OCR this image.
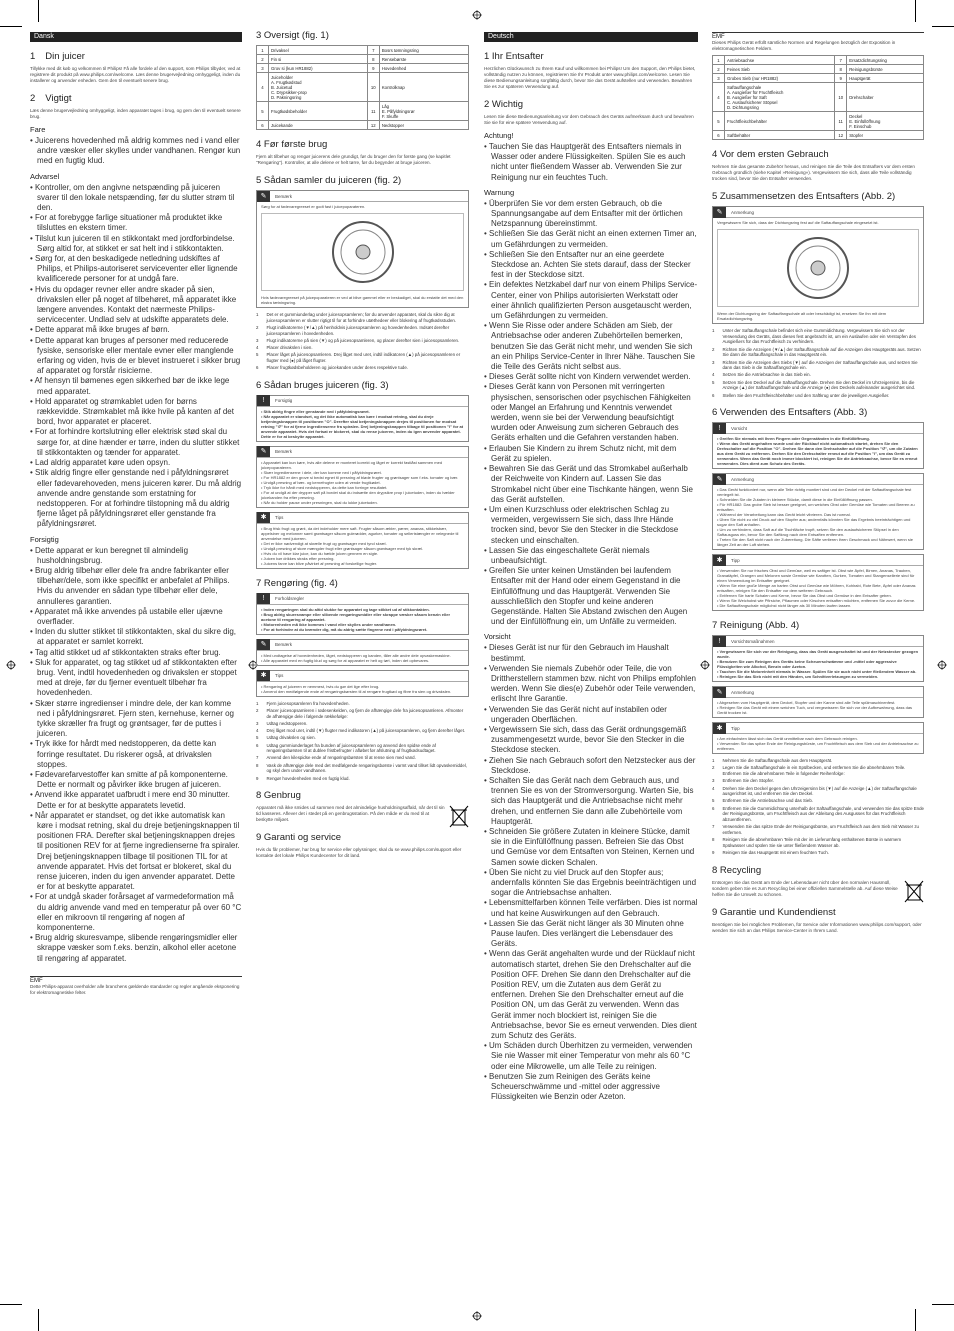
Dansk
1 Din juicer

Tillykke med dit køb og velkommen til Philips! Få alle fordele af den support, som Philips tilbyder, ved at registrere dit produkt på www.philips.com/welcome. Læs denne brugervejledning omhyggeligt, inden du installerer og anvender enheden. Gem den til eventuelt senere brug.

2 Vigtigt

Læs denne brugervejledning omhyggeligt, inden apparatet tages i brug, og gem den til eventuelt senere brug.

Fare
• Juicerens hovedenhed må aldrig kommes ned i vand eller andre væsker eller skylles under vandhanen. Rengør kun med en fugtig klud.
Advarsel
• Kontroller, om den angivne netspænding på juiceren svarer til den lokale netspænding, før du slutter strøm til den.
• For at forebygge farlige situationer må produktet ikke tilsluttes en ekstern timer.
• Tilslut kun juiceren til en stikkontakt med jordforbindelse. Sørg altid for, at stikket er sat helt ind i stikkontakten.
• Sørg for, at den beskadigede netledning udskiftes af Philips, et Philips-autoriseret serviceventer eller lignende kvalificerede personer for at undgå fare.
• Hvis du opdager revner eller andre skader på sien, drivakslen eller på noget af tilbehøret, må apparatet ikke længere anvendes. Kontakt det nærmeste Philips-servicecenter. Undlad selv at udskifte apparatets dele.
• Dette apparat må ikke bruges af børn.
• Dette apparat kan bruges af personer med reducerede fysiske, sensoriske eller mentale evner eller manglende erfaring og viden, hvis de er blevet instrueret i sikker brug af apparatet og forstår risicierne.
• Af hensyn til bømenes egen sikkerhed bør de ikke lege med apparatet.
• Hold apparatet og strømkablet uden for børns rækkevidde. Strømkablet må ikke hvile på kanten af det bord, hvor apparatet er placeret.
• For at forhindre kortslutning eller elektrisk stød skal du sørge for, at dine hænder er tørre, inden du slutter stikket til stikkontakten og tænder for apparatet.
• Lad aldrig apparatet køre uden opsyn.
• Stik aldrig fingre eller genstande ned i påfyldningsrøret eller fødevarehoveden, mens juiceren kører. Du må aldrig anvende andre genstande som erstatning for nedstopperen. For at forhindre tilstopning må du aldrig fjerne låget på påfyldningsrøret eller genstande fra påfyldningsrøret.
Forsigtig
• Dette apparat er kun beregnet til almindelig husholdningsbrug.
• Brug aldrig tilbehør eller dele fra andre fabrikanter eller tilbehør/dele, som ikke specifikt er anbefalet af Philips. Hvis du anvender en sådan type tilbehør eller dele, annulleres garantien.
• Apparatet må ikke anvendes på ustabile eller ujævne overflader.
• Inden du slutter stikket til stikkontakten, skal du sikre dig, at apparatet er samlet korrekt.
• Tag altid stikket ud af stikkontakten straks efter brug.
• Sluk for apparatet, og tag stikket ud af stikkontakten efter brug. Vent, indtil hovedenheden og drivakslen er stoppet med at dreje, før du fjerner eventuelt tilbehør fra hovedenheden.
• Skær større ingredienser i mindre dele, der kan komme ned i påfyldningsrøret. Fjern sten, kernehuse, kerner og tykke skræller fra frugt og grøntsager, før de puttes i juiceren.
• Tryk ikke for hårdt med nedstopperen, da dette kan forringe resultatet. Du riskerer også, at drivakslen stoppes.
• Fødevarefarvestoffer kan smitte af på komponenterne. Dette er normalt og påvirker ikke brugen af juiceren.
• Anvend ikke apparatet uafbrudt i mere end 30 minutter. Dette er for at beskytte apparatets levetid.
• Når apparatet er standset, og det ikke automatisk kan køre i modsat retning, skal du dreje betjeningsknappen til positionen FRA. Derefter skal betjeningsknappen drejes til positionen REV for at fjerne ingredienserne fra spiraler. Drej betjeningsknappen tilbage til positionen TIL for at anvende apparatet. Hvis det fortsat er blokeret, skal du rense juiceren, inden du igen anvender apparatet. Dette er for at beskytte apparatet.
• For at undgå skader forårsaget af varmedeformation må du aldrig anvende vand med en temperatur på over 60 °C eller en mikroovn til rengøring af nogen af komponenterne.
• Brug aldrig skuresvampe, slibende rengøringsmidler eller skrappe væsker som f.eks. benzin, alkohol eller acetone til rengøring af apparatet.
EMF

Dette Philips-apparat overholder alle branchens gældende standarder og regler angående eksponering for elektromagnetiske felter.

3 Oversigt (fig. 1)
1	Drivaksel	7	Bosrs tømningsring
2	Fin si	8	Rensebørste
3	Grov si (kun HR1882)	9	Hovedenhed
4	Juiceholder
A. Frugtkødstud
B. Juicetud
C. Drypsikker-prop
D. Pakningsring	10	Kontrolknap
5	Frugtkødsbeholder	11	Låg
E. Påfyldningsrør
F. Skuffe
6	Juicekande	12	Nedstopper
4 Før første brug

Fjern alt tilbehør og rengør juicerens dele grundigt, før du bruger den for første gang (se kapitlet "Rengøring"). Kontroller, at alle delene er helt tørre, før du begynder at bruge juiceren.

5 Sådan samler du juiceren (fig. 2)
✎	Bemærk
Sørg for at fødevaregreeset er godt fast i juicepoparateren.
Hvis fødevaregreeset på juicepoparateren er ved at blive gammel eller er beskadiget, skal du erstatte det med den ekstra tætningsring.
1 Det er et gummiunderlag under juicesopsamleren; før du anvender apparatet, skal du sikre dig at juicesopsamleren er slutter rigtigt til for at forhindre utæthedeer eller blokering af frugtkødsstuden.
2 Flugt indikatorerne (▼/▲) på henholdvis juicesopsamleren og hovedenheden. Indsæt derefter juicesopsamleren i hovedenheden.
3 Flugt indikatorerne på sien (▼) og på juicesopsamleren, og placer derefter sien i juicesopsamleren.
4 Placer drivakslen i sien.
5 Placer låget på juicesopsamleren. Drej låget med uret, indtil indikatoren (▲) på juicesopsamleren er flugter med (●) på låget flugter.
6 Placer frugtkødsbeholderen og juicekanden under deres respektive tude.
6 Sådan bruges juiceren (fig. 3)
!	Forsigtig
• Stik aldrig fingre eller genstande ned i påfyldningsrøret.
• Når apparatet er standset, og det ikke automatisk kan køre i modsat retning, skal du dreje betjeningsknappen til positionen "O". Derefter skal betjeningsknappen drejes til positionen for modsat retning "↺" for at fjerne ingredienserne fra spiralen. Drej betjeningsknappen tilbage til positionen "I" for at anvende apparatet. Hvis det fortsat er blokeret, skal du rense juiceren, inden du igen anvender apparatet. Dette er for at beskytte apparatet.
✎	Bemærk
• Apparatet kan kun køre, hvis alle delene er monteret korrekt og låget er korrekt fastlåst sammen med juicepoparateren.
• Skær ingredienserne i dele, der kan komme ned i påfyldningsrøret.
• For HR1882 er den grove si bedst egnet til presning af bløde frugter og grøntsager som f.eks. tomater og bær.
• Undgå presning af bær- og kernefrugter uden at vende frugtkødet.
• Tryk ikke for hårdt med nedstopperen, da dette kan forringe resultatet.
• For at undgå at der drypper saft på bordet skal du indsætte den drypsikre prop i juicetuden, inden du hælder juicekanden fra efter presning.
• Når du holder pause under presningen, skal du lukke juicetuden.
✱	Tips
• Brug frisk frugt og grønt, da det indeholder mere saft. Frugter såsom æbler, pærer, ananas, stikkelsbær, appelsiner og melonner samt grøntsager såsom gulerødder, agurker, tomater og selleristængler er velegnede til anvendelse med juiceren.
• Det er ikke nødvendigt at skrælle frugt og grøntsager med tynd skræl.
• Undgå presning af store mængder frugt eller grøntsager såsom grøntsager med tyk skræl.
• Hvis du vil have klar juice, kan du hælde juicen gennem en sigte.
• Juicen bør drikkes straks efter presning.
• Juicens farve kan blive påvirket af presning af forskellige frugter.
7 Rengøring (fig. 4)
!	Forholdsregler
• Inden rengøringen skal du altid slukke for apparatet og tage stikket ud af stikkontakten.
• Brug aldrig skuresvampe eller slibende rengøringsmidler eller skrappe væsker såsom benzin eller acetone til rengøring af apparatet.
• Motorenheden må ikke kommes i vand eller skylles under vandhanen.
• For at forhindre at du brænder dig, må du aldrig sætte fingrene ned i påfyldningsrøret.
✎	Bemærk
• Med undtagelse af hovedenheden, låget, nedstopperen og kanden, tåler alle andre dele opvaskemaskine.
• Alle apparatet med en fugtig klud og sørg for at apparatet er helt og tørt, inden det opbevares.
✱	Tips
• Rengøring af juiceren er nemmest, hvis du gør det lige efter brug.
• Anvend den medfølgende ende af rengøringsbørsten til at rengøre frugtkød og fibre fra sien og drivakslen.
1 Fjern juicesopsamleren fra hovedenheden.
2 Placer juicesopsamleren i rødesenkelden, og fjern de afhængige dele fra juicesopsamleren. Afmonter de afhængige dele i følgende rækkefølge:
3 Udtag nedstopperen.
4 Drej låget mod uret, indtil (▼) flugter med indikatoren (▲) på juicesopsamleren, og fjern derefter låget.
5 Udtag drivakslen og sien.
6 Udtag gummiunderlaget fra bunden af juicesopsamleren og anvend den spidse ende af rengøringsbørsten til at dublee fristbefrugter i afløbet før afslutning af frugtkødsudtaget.
7 Anvend den kilespidse ende af rengøringsbørsten til at rense sien med vand.
8 Vask de afhængige dele med det medfølgende rengøringsbørste i varmt vand tillset lidt opvaskemiddel, og skyl dem under vandhanen.
9 Rengør hovedenheden med en fugtig klud.
8 Genbrug

Apparatet må ikke smides ud sammen med det almindelige husholdningsaffald, når det til sin tid kasseres. Aflever det i stedet på en genbrugsstation. På den måde er du med til at beskytte miljøet.

9 Garanti og service

Hvis du får problemer, har brug for service eller oplysninger, skal du se www.philips.com/support eller kontakte det lokale Philips Kundecenter for dit land.

Deutsch
1 Ihr Entsafter

Herzlichen Glückwunsch zu Ihrem Kauf und willkommen bei Philips! Um den Support, den Philips bietet, vollständig nutzen zu können, registrieren Sie Ihr Produkt unter www.philips.com/welcome. Lesen Sie diese Bedienungsanleitung sorgfältig durch, bevor Sie das Gerät aufstellen und verwenden. Bewahren Sie es zur späteren Verwendung auf.

2 Wichtig

Lesen Sie diese Bedienungsanleitung vor dem Gebrauch des Geräts aufmerksam durch und bewahren Sie sie für eine spätere Verwendung auf.

Achtung!
• Tauchen Sie das Hauptgerät des Entsafters niemals in Wasser oder andere Flüssigkeiten. Spülen Sie es auch nicht unter fließendem Wasser ab. Verwenden Sie zur Reinigung nur ein feuchtes Tuch.
Warnung
• Überprüfen Sie vor dem ersten Gebrauch, ob die Spannungsangabe auf dem Entsafter mit der örtlichen Netzspannung übereinstimmt.
• Schließen Sie das Gerät nicht an einen externen Timer an, um Gefährdungen zu vermeiden.
• Schließen Sie den Entsafter nur an eine geerdete Steckdose an. Achten Sie stets darauf, dass der Stecker fest in der Steckdose sitzt.
• Ein defektes Netzkabel darf nur von einem Philips Service-Center, einer von Philips autorisierten Werkstatt oder einer ähnlich qualifizierten Person ausgetauscht werden, um Gefährdungen zu vermeiden.
• Wenn Sie Risse oder andere Schäden am Sieb, der Antriebsachse oder anderen Zubehörteilen bemerken, benutzen Sie das Gerät nicht mehr, und wenden Sie sich an ein Philips Service-Center in Ihrer Nähe. Tauschen Sie die Teile des Geräts nicht selbst aus.
• Dieses Gerät sollte nicht von Kindern verwendet werden.
• Dieses Gerät kann von Personen mit verringerten physischen, sensorischen oder psychischen Fähigkeiten oder Mangel an Erfahrung und Kenntnis verwendet werden, wenn sie bei der Verwendung beaufsichtigt wurden oder Anweisung zum sicheren Gebrauch des Geräts erhalten und die Gefahren verstanden haben.
• Erlauben Sie Kindern zu ihrem Schutz nicht, mit dem Gerät zu spielen.
• Bewahren Sie das Gerät und das Stromkabel außerhalb der Reichweite von Kindern auf. Lassen Sie das Stromkabel nicht über eine Tischkante hängen, wenn Sie das Gerät aufstellen.
• Um einen Kurzschluss oder elektrischen Schlag zu vermeiden, vergewissern Sie sich, dass Ihre Hände trocken sind, bevor Sie den Stecker in die Steckdose stecken und einschalten.
• Lassen Sie das eingeschaltete Gerät niemals unbeaufsichtigt.
• Greifen Sie unter keinen Umständen bei laufendem Entsafter mit der Hand oder einem Gegenstand in die Einfüllöffnung und das Hauptgerät. Verwenden Sie ausschließlich den Stopfer und keine anderen Gegenstände. Halten Sie Abstand zwischen den Augen und der Einfüllöffnung ein, um Unfälle zu vermeiden.
Vorsicht
• Dieses Gerät ist nur für den Gebrauch im Haushalt bestimmt.
• Verwenden Sie niemals Zubehör oder Teile, die von Drittherstellern stammen bzw. nicht von Philips empfohlen werden. Wenn Sie dies(e) Zubehör oder Teile verwenden, erlischt Ihre Garantie.
• Verwenden Sie das Gerät nicht auf instabilen oder ungeraden Oberflächen.
• Vergewissern Sie sich, dass das Gerät ordnungsgemäß zusammengesetzt wurde, bevor Sie den Stecker in die Steckdose stecken.
• Ziehen Sie nach Gebrauch sofort den Netzstecker aus der Steckdose.
• Schalten Sie das Gerät nach dem Gebrauch aus, und trennen Sie es von der Stromversorgung. Warten Sie, bis sich das Hauptgerät und die Antriebsachse nicht mehr drehen, und entfernen Sie dann alle Zubehörteile vom Hauptgerät.
• Schneiden Sie größere Zutaten in kleinere Stücke, damit sie in die Einfüllöffnung passen. Befreien Sie das Obst und Gemüse vor dem Entsaften von Steinen, Kernen und Samen sowie dicken Schalen.
• Üben Sie nicht zu viel Druck auf den Stopfer aus; andernfalls könnten Sie das Ergebnis beeinträchtigen und sogar die Antriebsachse anhalten.
• Lebensmittelfarben können Teile verfärben. Dies ist normal und hat keine Auswirkungen auf den Gebrauch.
• Lassen Sie das Gerät nicht länger als 30 Minuten ohne Pause laufen. Dies verlängert die Lebensdauer des Geräts.
• Wenn das Gerät angehalten wurde und der Rücklauf nicht automatisch startet, drehen Sie den Drehschalter auf die Position OFF. Drehen Sie dann den Drehschalter auf die Position REV, um die Zutaten aus dem Gerät zu entfernen. Drehen Sie den Drehschalter erneut auf die Position ON, um das Gerät zu verwenden. Wenn das Gerät immer noch blockiert ist, reinigen Sie die Antriebsachse, bevor Sie es erneut verwenden. Dies dient zum Schutz des Geräts.
• Um Schäden durch Überhitzen zu vermeiden, verwenden Sie nie Wasser mit einer Temperatur von mehr als 60 °C oder eine Mikrowelle, um alle Teile zu reinigen.
• Benutzen Sie zum Reinigen des Geräts keine Scheuerschwämme und -mittel oder aggressive Flüssigkeiten wie Benzin oder Azeton.
EMF

Dieses Philips Gerät erfüllt sämtliche Normen und Regelungen bezüglich der Exposition in elektromagnetischen Feldern.

1	Antriebsachse	7	Ersatzdichtungsring
2	Feines Sieb	8	Reinigungsbürste
3	Grobes Sieb (nur HR1882)	9	Hauptgerät
4	Saftauffangschale
A. Ausgießer für Fruchtfleisch
B. Ausgießer für Saft
C. Auslaufsicherer Stöpsel
D. Dichtungsring	10	Drehschalter
5	Fruchtfleischbehälter	11	Deckel
E. Einfüllöffnung
F. Einschub
6	Saftbehälter	12	Stopfer
4 Vor dem ersten Gebrauch

Nehmen Sie das gesamte Zubehör heraus, und reinigen Sie die Teile des Entsafters vor dem ersten Gebrauch gründlich (siehe Kapitel »Reinigung«). Vergewissern Sie sich, dass alle Teile vollständig trocken sind, bevor Sie den Entsafter verwenden.

5 Zusammensetzen des Entsafters (Abb. 2)
✎	Anmerkung
Vergewissern Sie sich, dass der Dichtungsring fest auf die Saftauffangschale eingesetzt ist.
Wenn der Dichtungsring der Saftauffangschale alt oder beschädigt ist, ersetzen Sie ihn mit dem Ersatzdichtungsring.
1 Unter der Saftauffangschale befindet sich eine Gummidichtung. Vergewissern Sie sich vor der Verwendung des Geräts, dass dieses fest angebracht ist, um ein Auslaufen oder ein Verstopfen des Ausgießers für das Fruchtfleisch zu verhindern.
2 Richten Sie die Anzeigen (▼/▲) der Saftauffangschale auf die Anzeigen des Hauptgeräts aus. Setzen Sie dann die Saftauffangschale in das Hauptgerät ein.
3 Richten Sie die Anzeigen des Siebs (▼) auf die Anzeigen der Saftauffangschale aus, und setzen Sie dann das Sieb in die Saftauffangschale ein.
4 Setzen Sie die Antriebsachse in das Sieb ein.
5 Setzen Sie den Deckel auf die Saftauffangschale. Drehen Sie den Deckel im Uhrzeigersinn, bis die Anzeige (▲) der Saftauffangschale und die Anzeige (●) des Deckels aufeinander ausgerichtet sind.
6 Stellen Sie den Fruchtfleischbehälter und den Saftkrug unter die jeweiligen Ausgießer.
6 Verwenden des Entsafters (Abb. 3)
!	Vorsicht
• Greifen Sie niemals mit Ihren Fingern oder Gegenständen in die Einfüllöffnung.
• Wenn das Gerät angehalten wurde und der Rücklauf nicht automatisch startet, drehen Sie den Drehschalter auf die Position "O". Drehen Sie dann den Drehschalter auf die Position "↺", um die Zutaten aus dem Gerät zu entfernen. Drehen Sie den Drehschalter erneut auf die Position "I", um das Gerät zu verwenden. Wenn das Gerät noch immer blockiert ist, reinigen Sie die Antriebsachse, bevor Sie es erneut verwenden. Dies dient zum Schutz des Geräts.
✎	Anmerkung
• Das Gerät funktioniert nur, wenn alle Teile richtig montiert sind und der Deckel mit der Saftauffangschale fest verriegelt ist.
• Schneiden Sie die Zutaten in kleinere Stücke, damit diese in die Einfüllöffnung passen.
• Für HR1882: Das grobe Sieb ist besser geeignet, um weiches Obst oder Gemüse wie Tomaten und Beeren zu entsaften.
• Während der Verarbeitung kann das Gerät leicht vibrieren. Das ist normal.
• Üben Sie nicht zu viel Druck auf den Stopfer aus; andernfalls könnten Sie das Ergebnis beeinträchtigen und sogar den Saft anhalten.
• Um zu verhindern, dass Saft auf die Tischfläche tropft, setzen Sie den auslaufsicheren Stöpsel in den Saftausguss ein, bevor Sie den Saftkrug nach dem Entsaften entfernen.
• Treten Sie den Saft nicht nach der Zubereitung. Die Säfte verlieren ihren Geschmack und Nährwert, wenn sie länger Zeit an der Luft stehen.
✱	Tipp
• Verwenden Sie nur frisches Obst und Gemüse, weil es saftiger ist. Obst wie Äpfel, Birnen, Ananas, Trauben, Granatäpfel, Orangen und Melonen sowie Gemüse wie Karotten, Gurken, Tomaten und Stangensellerie sind für einen Verwendung im Entsafter geeignet.
• Wenn Sie eine große Menge an harten Obst und Gemüse wie Möhren, Kohlrabi, Rote Bete, Äpfel oder Ananas entsaften, reinigen Sie den Entsafter vor dem weiteren Gebrauch.
• Entfernen Sie harte Schalen und Kerne, bevor Sie das Obst und Gemüse in den Entsafter geben.
• Wenn Sie Weichobst wie Pfirsiche, Pflaumen oder Kirschen entsaften möchten, entfernen Sie zuvor die Kerne.
• Die Saftauffangschale möglichst nicht länger als 30 Minuten laufen lassen.
7 Reinigung (Abb. 4)
!	Vorsichtsmaßnahmen
• Vergewissern Sie sich vor der Reinigung, dass das Gerät ausgeschaltet ist und der Netzstecker gezogen wurde.
• Benutzen Sie zum Reinigen des Geräts keine Scheuerschwämme und -mittel oder aggressive Flüssigkeiten wie Alkohol, Benzin oder Azeton.
• Tauchen Sie die Motoreinheit niemals in Wasser. Spülen Sie sie auch nicht unter fließendem Wasser ab.
• Reinigen Sie das Sieb nicht mit den Händen, um Schnittverletzungen zu vermeiden.
✎	Anmerkung
• Abgesehen vom Hauptgerät, dem Deckel, Stopfer und der Kanne sind alle Teile spülmaschinenfest.
• Reinigen Sie das Gerät mit einem weichen Tuch, und vergewissern Sie sich vor der Aufbewahrung, dass das Gerät trocken ist.
✱	Tipp
• Am einfachsten lässt sich das Gerät unmittelbar nach dem Gebrauch reinigen.
• Verwenden Sie das spitze Ende der Reinigungsbürste, um Fruchtfleisch aus dem Sieb und der Antriebsachse zu entfernen.
1 Nehmen Sie die Saftauffangschale aus dem Hauptgerät.
2 Legen Sie die Saftauffangschale in ein Spülbecken, und entfernen Sie die abnehmbaren Teile. Entfernen Sie die abnehmbaren Teile in folgender Reihenfolge:
3 Entfernen Sie den Stopfer.
4 Drehen Sie den Deckel gegen den Uhrzeigersinn bis (▼) auf die Anzeige (▲) der Saftauffangschale ausgerichtet ist, und entfernen Sie den Deckel.
5 Entfernen Sie die Antriebsachse und das Sieb.
6 Entfernen Sie die Gummidichtung unterhalb der Saftauffangschale, und verwenden Sie das spitze Ende der Reinigungsbürste, um Fruchtfleisch aus der Ableitung des Ausgusses für das Fruchtfleisch abzuentfernen.
7 Verwenden Sie das spitze Ende der Reinigungsbürste, um Fruchtfleisch aus dem Sieb mit Wasser zu entfernen.
8 Reinigen Sie die abnehmbaren Teile mit der im Lieferumfang enthaltenen Bürste in warmem Spülwasser und spülen Sie sie unter fließendem Wasser ab.
9 Reinigen Sie das Hauptgerät mit einem feuchten Tuch.
8 Recycling

Entsorgen Sie das Gerät am Ende der Lebensdauer nicht über den normalen Hausmüll, sondern geben Sie es zum Recycling bei einer offiziellen Sammelstelle ab. Auf diese Weise helfen Sie die Umwelt zu schonen.

9 Garantie und Kundendienst

Benötigen Sie bei möglichen Problemen, für Service oder Informationen www.philips.com/support, oder wenden Sie sich an das Philips Service-Center in Ihrem Land.
